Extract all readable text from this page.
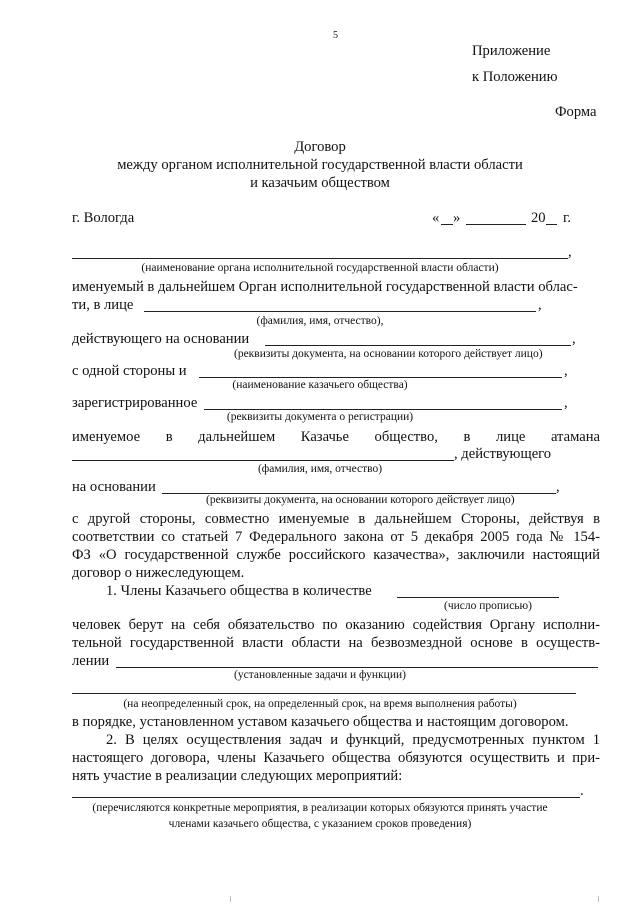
5
Приложение
к Положению
Форма
Договор
между органом исполнительной государственной власти области
и казачьим обществом
г. Вологда	« »	20 г.
,
(наименование органа исполнительной государственной власти области)
именуемый в дальнейшем Орган исполнительной государственной власти облас-
ти, в лице	,
(фамилия, имя, отчество),
действующего на основании	,
(реквизиты документа, на основании которого действует лицо)
с одной стороны и	,
(наименование казачьего общества)
зарегистрированное	,
(реквизиты документа о регистрации)
именуемое в дальнейшем Казачье общество, в лице атамана
, действующего
(фамилия, имя, отчество)
на основании	,
(реквизиты документа, на основании которого действует лицо)
с другой стороны, совместно именуемые в дальнейшем Стороны, действуя в
соответствии со статьей 7 Федерального закона от 5 декабря 2005 года № 154-
ФЗ «О государственной службе российского казачества», заключили настоящий
договор о нижеследующем.
1. Члены Казачьего общества в количестве
(число прописью)
человек берут на себя обязательство по оказанию содействия Органу исполни-
тельной государственной власти области на безвозмездной основе в осуществ-
лении
(установленные задачи и функции)
(на неопределенный срок, на определенный срок, на время выполнения работы)
в порядке, установленном уставом казачьего общества и настоящим договором.
2. В целях осуществления задач и функций, предусмотренных пунктом 1
настоящего договора, члены Казачьего общества обязуются осуществить и при-
нять участие в реализации следующих мероприятий:
.
(перечисляются конкретные мероприятия, в реализации которых обязуются принять участие
членами казачьего общества, с указанием сроков проведения)
